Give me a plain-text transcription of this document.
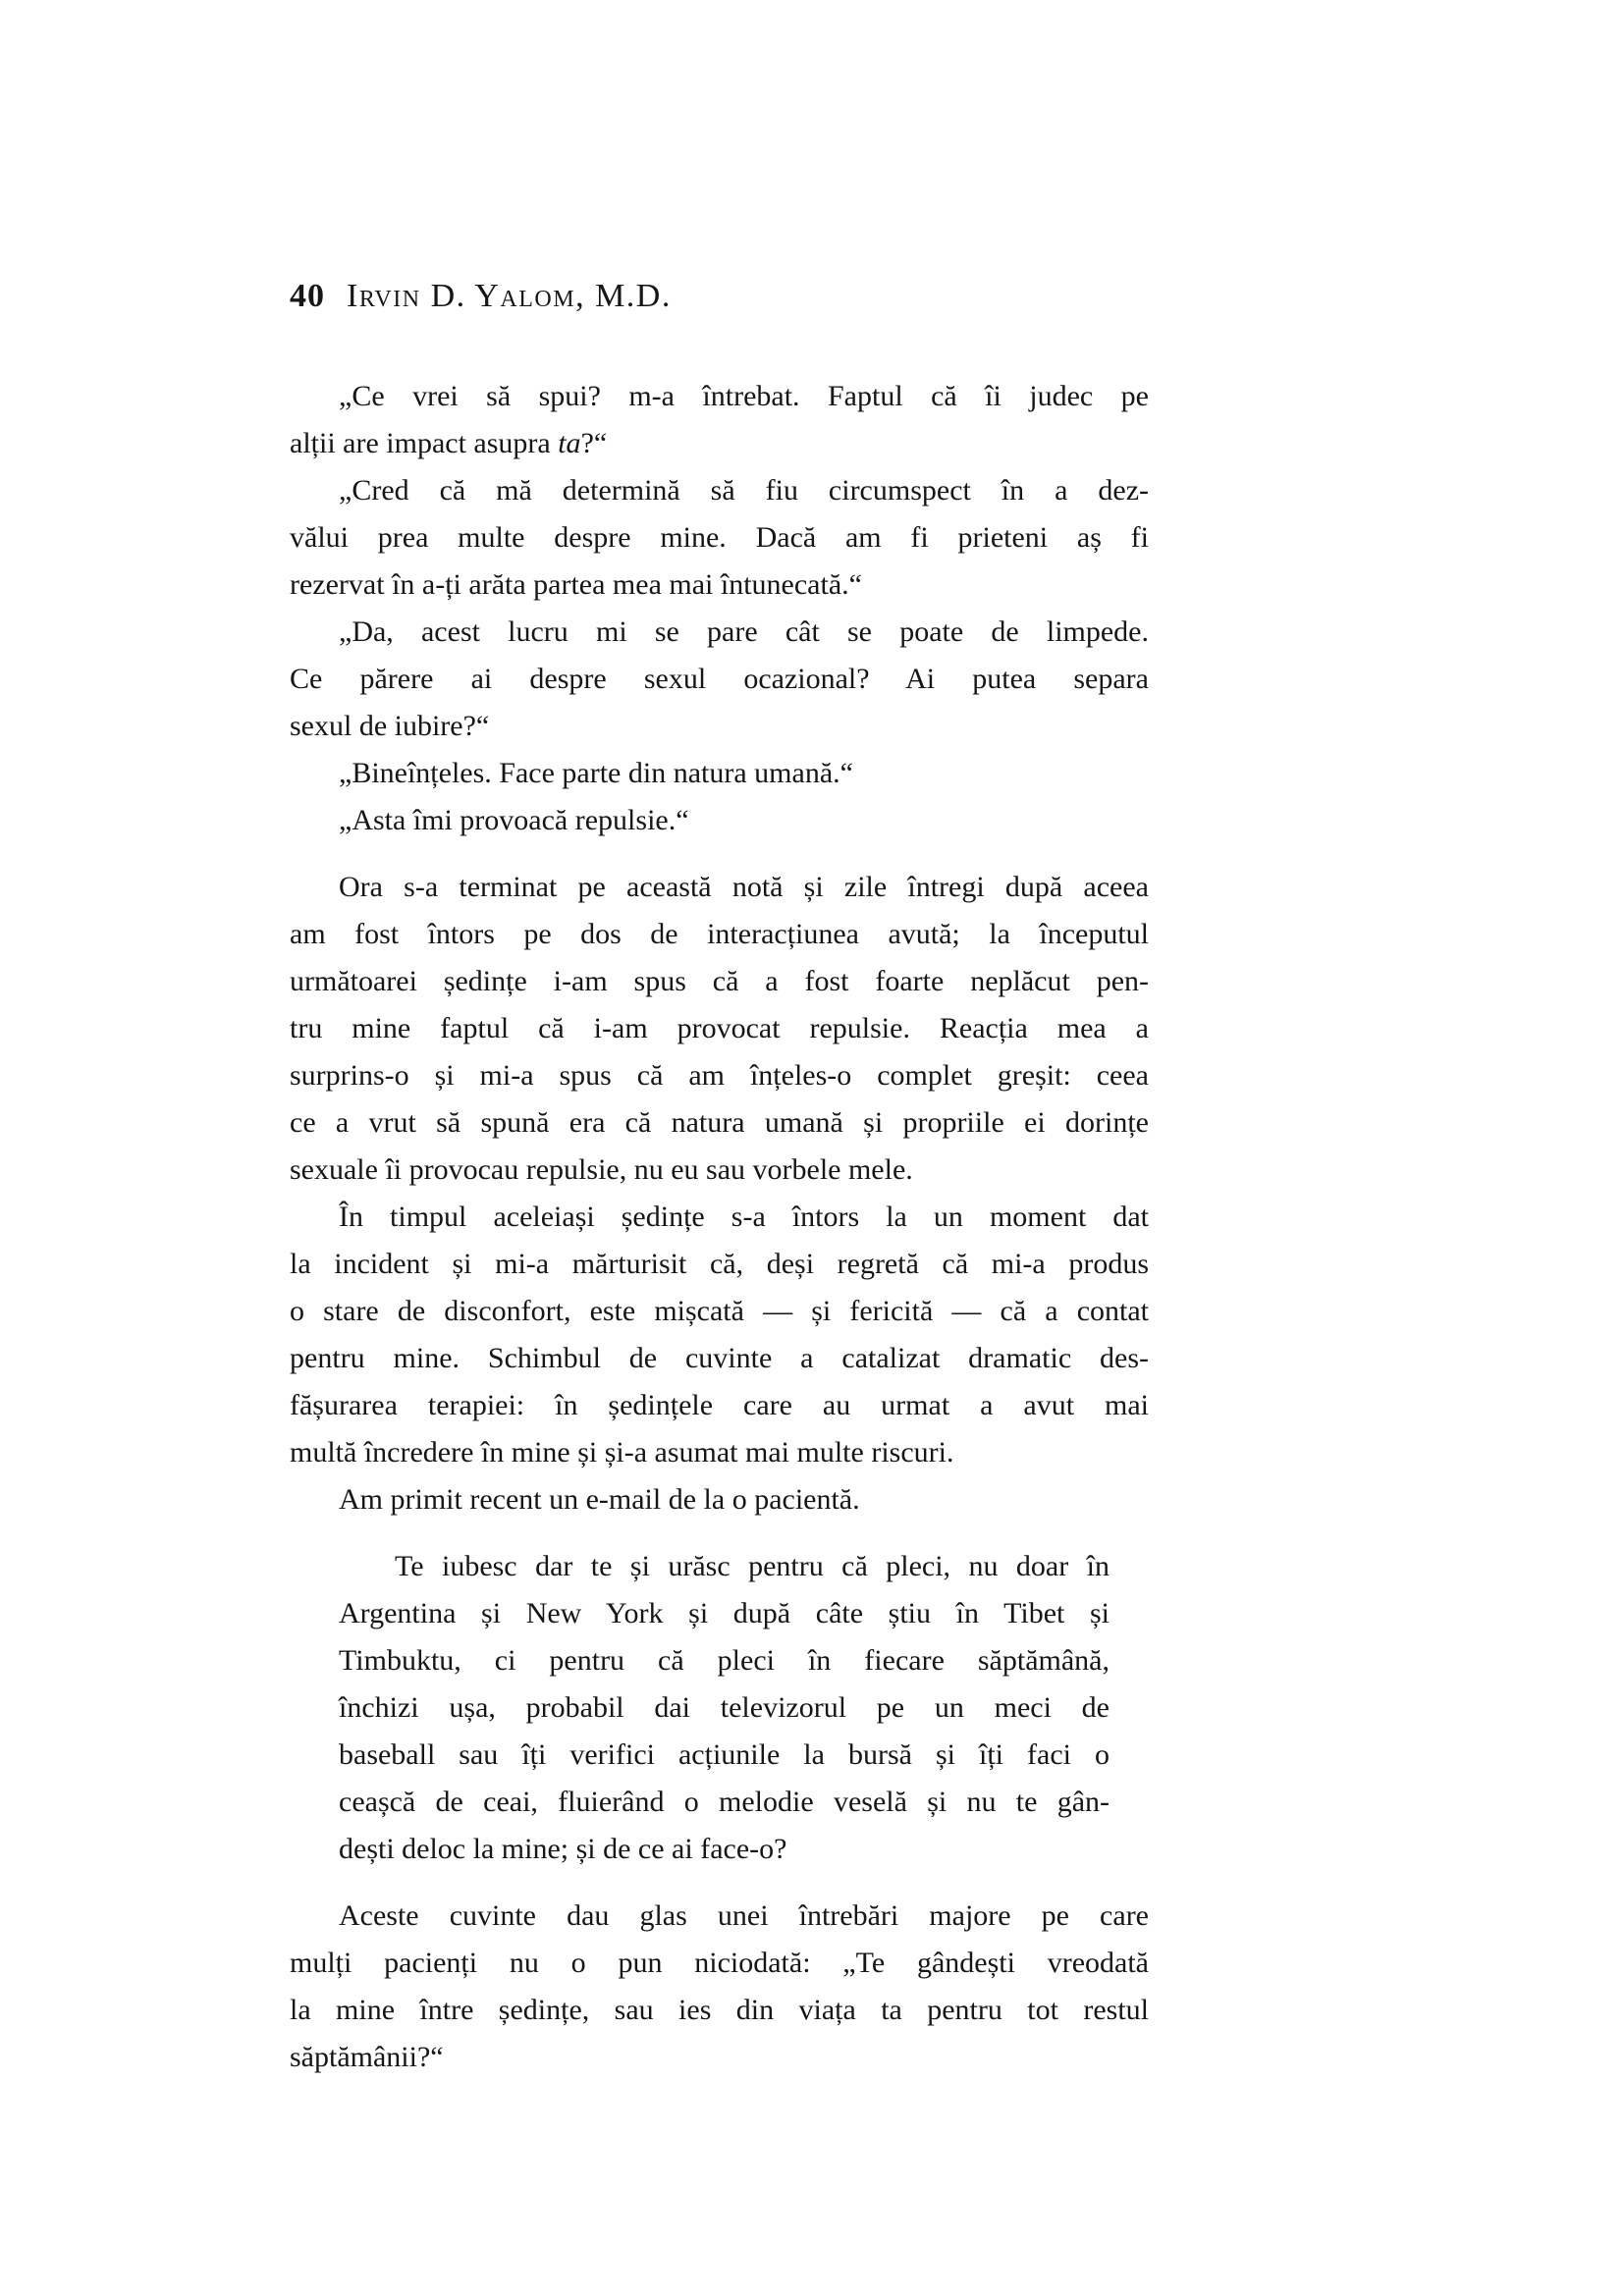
40 Irvin D. Yalom, M.D.
„Ce vrei să spui? m-a întrebat. Faptul că îi judec pe
alții are impact asupra ta?“
„Cred că mă determină să fiu circumspect în a dez-
vălui prea multe despre mine. Dacă am fi prieteni aș fi
rezervat în a-ți arăta partea mea mai întunecată.“
„Da, acest lucru mi se pare cât se poate de limpede.
Ce părere ai despre sexul ocazional? Ai putea separa
sexul de iubire?“
„Bineînțeles. Face parte din natura umană.“
„Asta îmi provoacă repulsie.“
Ora s-a terminat pe această notă și zile întregi după aceea
am fost întors pe dos de interacțiunea avută; la începutul
următoarei ședințe i-am spus că a fost foarte neplăcut pen-
tru mine faptul că i-am provocat repulsie. Reacția mea a
surprins-o și mi-a spus că am înțeles-o complet greșit: ceea
ce a vrut să spună era că natura umană și propriile ei dorințe
sexuale îi provocau repulsie, nu eu sau vorbele mele.
În timpul aceleiași ședințe s-a întors la un moment dat
la incident și mi-a mărturisit că, deși regretă că mi-a produs
o stare de disconfort, este mișcată — și fericită — că a contat
pentru mine. Schimbul de cuvinte a catalizat dramatic des-
fășurarea terapiei: în ședințele care au urmat a avut mai
multă încredere în mine și și-a asumat mai multe riscuri.
Am primit recent un e-mail de la o pacientă.
Te iubesc dar te și urăsc pentru că pleci, nu doar în
Argentina și New York și după câte știu în Tibet și
Timbuktu, ci pentru că pleci în fiecare săptămână,
închizi ușa, probabil dai televizorul pe un meci de
baseball sau îți verifici acțiunile la bursă și îți faci o
ceașcă de ceai, fluierând o melodie veselă și nu te gân-
dești deloc la mine; și de ce ai face-o?
Aceste cuvinte dau glas unei întrebări majore pe care
mulți pacienți nu o pun niciodată: „Te gândești vreodată
la mine între ședințe, sau ies din viața ta pentru tot restul
săptămânii?“
